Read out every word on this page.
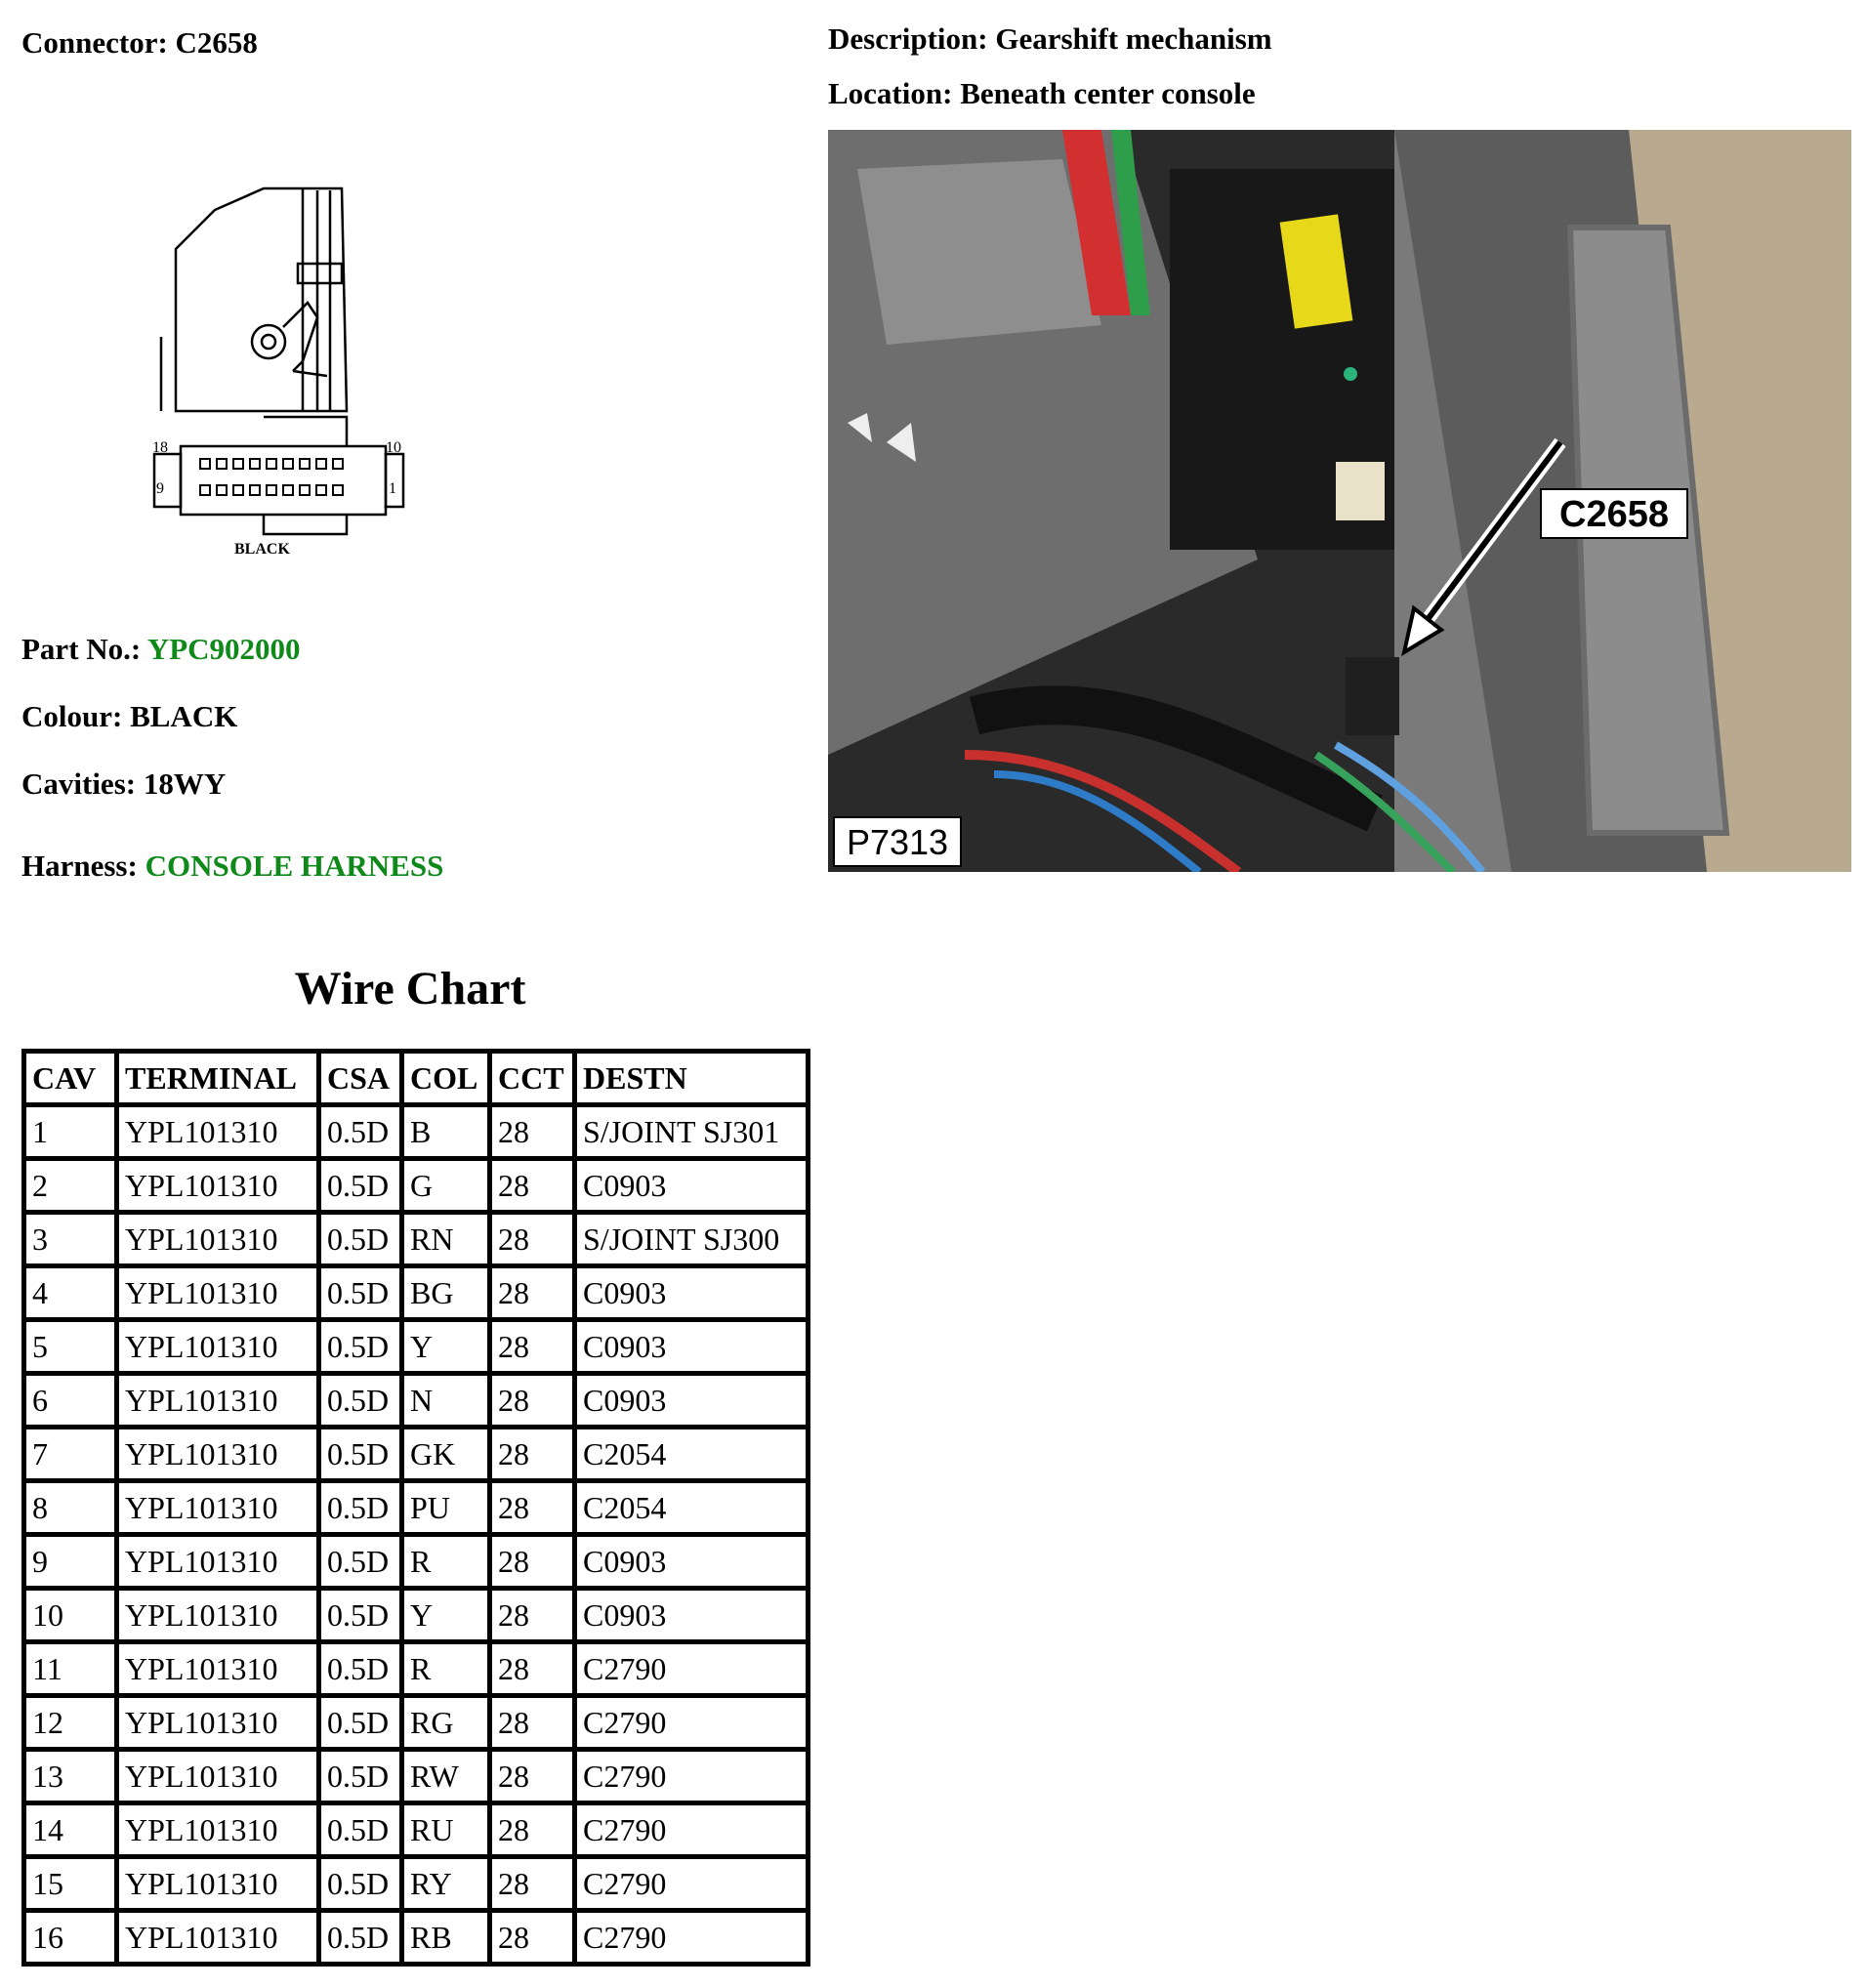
Connector: C2658	Description: Gearshift mechanism
Location: Beneath center console
18	10
9	1
BLACK
Part No.: YPC902000
Colour: BLACK
Cavities: 18WY
Harness: CONSOLE HARNESS
C2658
P7313
Wire Chart
CAV	TERMINAL	CSA	COL	CCT	DESTN
1	YPL101310	0.5D	B	28	S/JOINT SJ301
2	YPL101310	0.5D	G	28	C0903
3	YPL101310	0.5D	RN	28	S/JOINT SJ300
4	YPL101310	0.5D	BG	28	C0903
5	YPL101310	0.5D	Y	28	C0903
6	YPL101310	0.5D	N	28	C0903
7	YPL101310	0.5D	GK	28	C2054
8	YPL101310	0.5D	PU	28	C2054
9	YPL101310	0.5D	R	28	C0903
10	YPL101310	0.5D	Y	28	C0903
11	YPL101310	0.5D	R	28	C2790
12	YPL101310	0.5D	RG	28	C2790
13	YPL101310	0.5D	RW	28	C2790
14	YPL101310	0.5D	RU	28	C2790
15	YPL101310	0.5D	RY	28	C2790
16	YPL101310	0.5D	RB	28	C2790
